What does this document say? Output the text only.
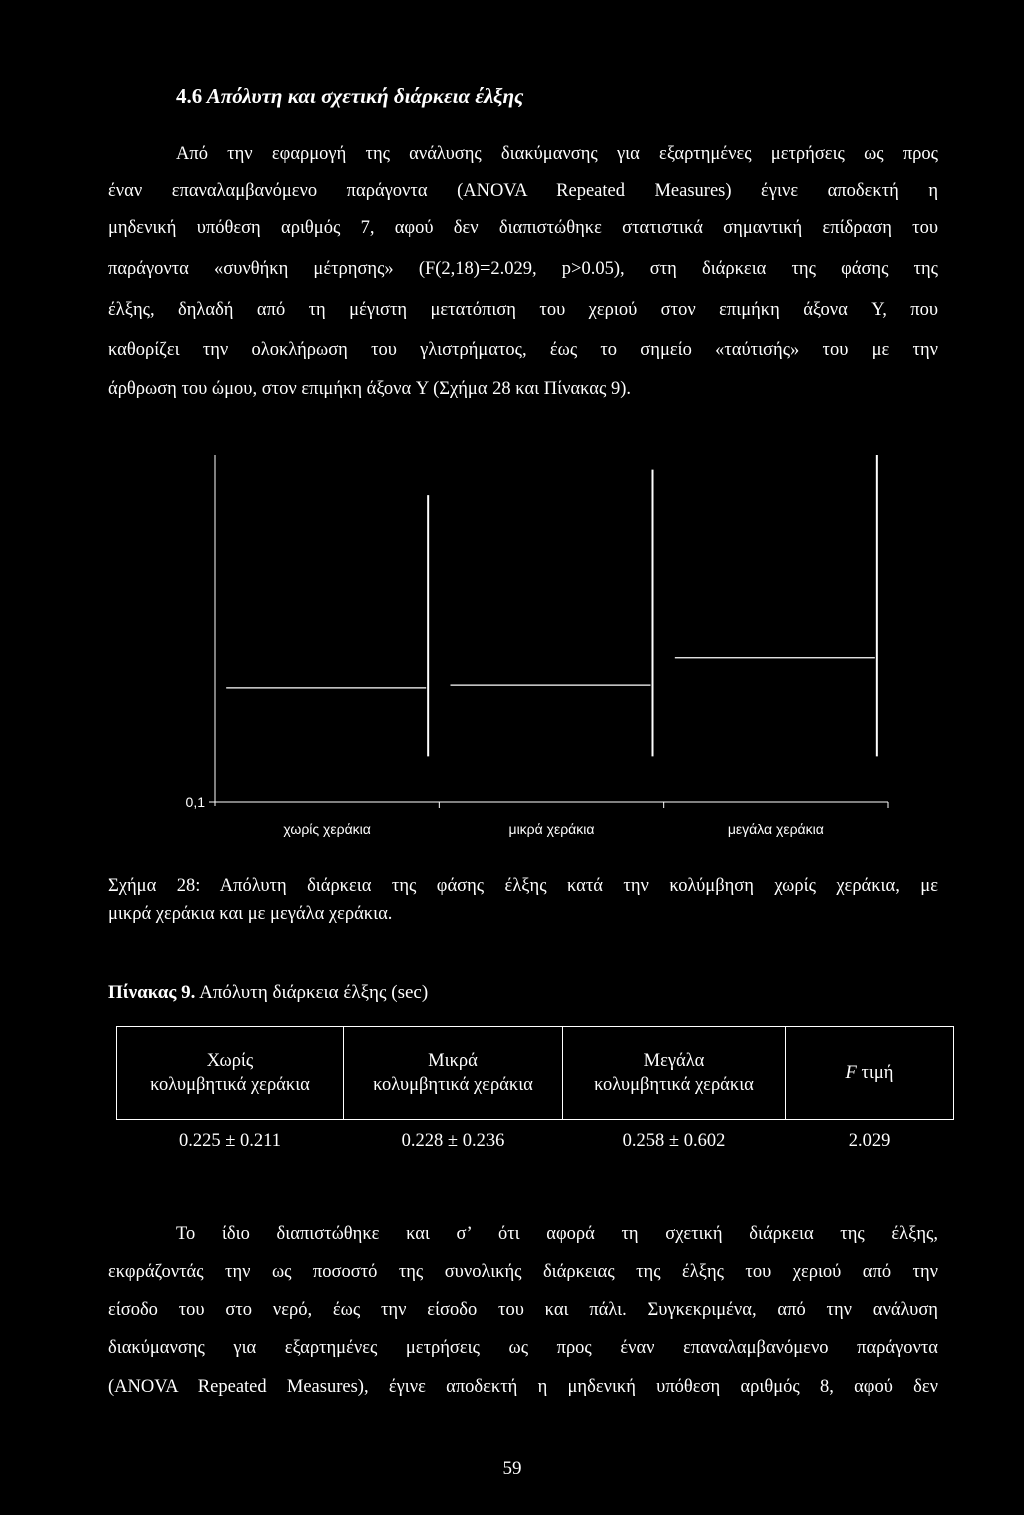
4.6 Απόλυτη και σχετική διάρκεια έλξης
Από την εφαρμογή της ανάλυσης διακύμανσης για εξαρτημένες μετρήσεις ως προς
έναν επαναλαμβανόμενο παράγοντα (ANOVA Repeated Measures) έγινε αποδεκτή η
μηδενική υπόθεση αριθμός 7, αφού δεν διαπιστώθηκε στατιστικά σημαντική επίδραση του
παράγοντα «συνθήκη μέτρησης» (F(2,18)=2.029, p>0.05), στη διάρκεια της φάσης της
έλξης, δηλαδή από τη μέγιστη μετατόπιση του χεριού στον επιμήκη άξονα Y, που
καθορίζει την ολοκλήρωση του γλιστρήματος, έως το σημείο «ταύτισής» του με την
άρθρωση του ώμου, στον επιμήκη άξονα Y (Σχήμα 28 και Πίνακας 9).
0,1
χωρίς χεράκια	μικρά χεράκια	μεγάλα χεράκια
Σχήμα 28: Απόλυτη διάρκεια της φάσης έλξης κατά την κολύμβηση χωρίς χεράκια, με
μικρά χεράκια και με μεγάλα χεράκια.
Πίνακας 9. Απόλυτη διάρκεια έλξης (sec)
Χωρίς
κολυμβητικά χεράκια	Μικρά
κολυμβητικά χεράκια	Μεγάλα
κολυμβητικά χεράκια	F τιμή
0.225 ± 0.211	0.228 ± 0.236	0.258 ± 0.602	2.029
Το ίδιο διαπιστώθηκε και σ’ ότι αφορά τη σχετική διάρκεια της έλξης,
εκφράζοντάς την ως ποσοστό της συνολικής διάρκειας της έλξης του χεριού από την
είσοδο του στο νερό, έως την είσοδο του και πάλι. Συγκεκριμένα, από την ανάλυση
διακύμανσης για εξαρτημένες μετρήσεις ως προς έναν επαναλαμβανόμενο παράγοντα
(ANOVA Repeated Measures), έγινε αποδεκτή η μηδενική υπόθεση αριθμός 8, αφού δεν
59
